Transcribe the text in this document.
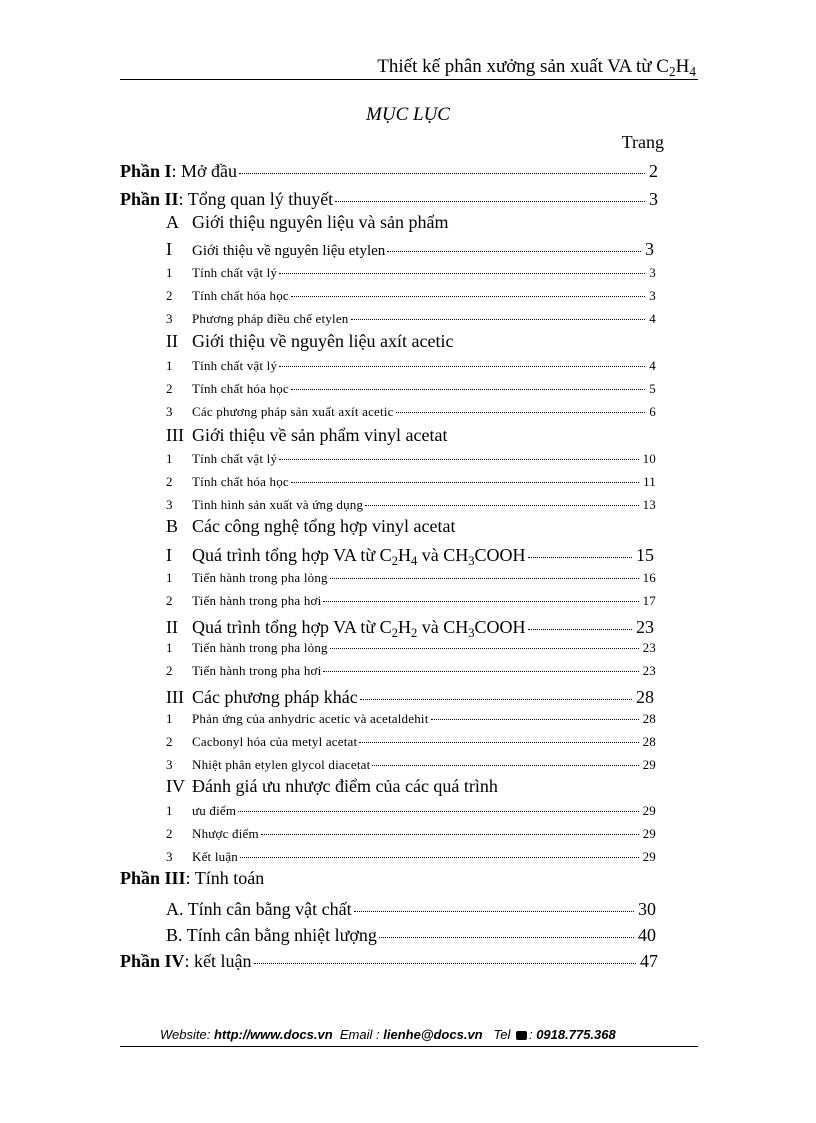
Thiết kế phân xưởng sản xuất VA từ $C_2H_4$
MỤC LỤC
Trang
Phần I : Mở đầu	2
Phần II : Tổng quan lý thuyết	3
A Giới thiệu nguyên liệu và sản phẩm
I	Giới thiệu về nguyên liệu etylen	3
1	Tính chất vật lý	3
2	Tính chất hóa học	3
3	Phương pháp điều chế etylen	4
II Giới thiệu về nguyên liệu axít acetic
1	Tính chất vật lý	4
2	Tính chất hóa học	5
3	Các phương pháp sản xuất axít acetic	6
III Giới thiệu về sản phẩm vinyl acetat
1	Tính chất vật lý	10
2	Tính chất hóa học	11
3	Tình hình sản xuất và ứng dụng	13
B Các công nghệ tổng hợp vinyl acetat
I	Quá trình tổng hợp VA từ $C_2H_4$ và $CH_3COOH$	15
1	Tiến hành trong pha lỏng	16
2	Tiến hành trong pha hơi	17
II Quá trình tổng hợp VA từ $C_2H_2$ và $CH_3COOH$	23
1	Tiến hành trong pha lỏng	23
2	Tiến hành trong pha hơi	23
III Các phương pháp khác	28
1	Phản ứng của anhydric acetic và acetaldehit	28
2	Cacbonyl hóa của metyl acetat	28
3	Nhiệt phân etylen glycol diacetat	29
IV Đánh giá ưu nhược điểm của các quá trình
1	ưu điểm	29
2	Nhược điểm	29
3	Kết luận	29
Phần III : Tính toán
A. Tính cân bằng vật chất	30
B. Tính cân bằng nhiệt lượng	40
Phần IV : kết luận	47
Website: http://www.docs.vn Email : lienhe@docs.vn Tel : 0918.775.368
